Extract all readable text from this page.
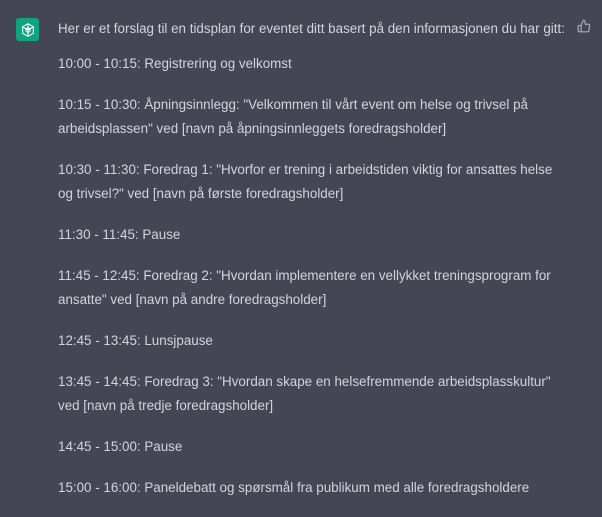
Her er et forslag til en tidsplan for eventet ditt basert på den informasjonen du har gitt:

10:00 - 10:15: Registrering og velkomst

10:15 - 10:30: Åpningsinnlegg: "Velkommen til vårt event om helse og trivsel på arbeidsplassen" ved [navn på åpningsinnleggets foredragsholder]

10:30 - 11:30: Foredrag 1: "Hvorfor er trening i arbeidstiden viktig for ansattes helse og trivsel?" ved [navn på første foredragsholder]

11:30 - 11:45: Pause

11:45 - 12:45: Foredrag 2: "Hvordan implementere en vellykket treningsprogram for ansatte" ved [navn på andre foredragsholder]

12:45 - 13:45: Lunsjpause

13:45 - 14:45: Foredrag 3: "Hvordan skape en helsefremmende arbeidsplasskultur" ved [navn på tredje foredragsholder]

14:45 - 15:00: Pause

15:00 - 16:00: Paneldebatt og spørsmål fra publikum med alle foredragsholdere
